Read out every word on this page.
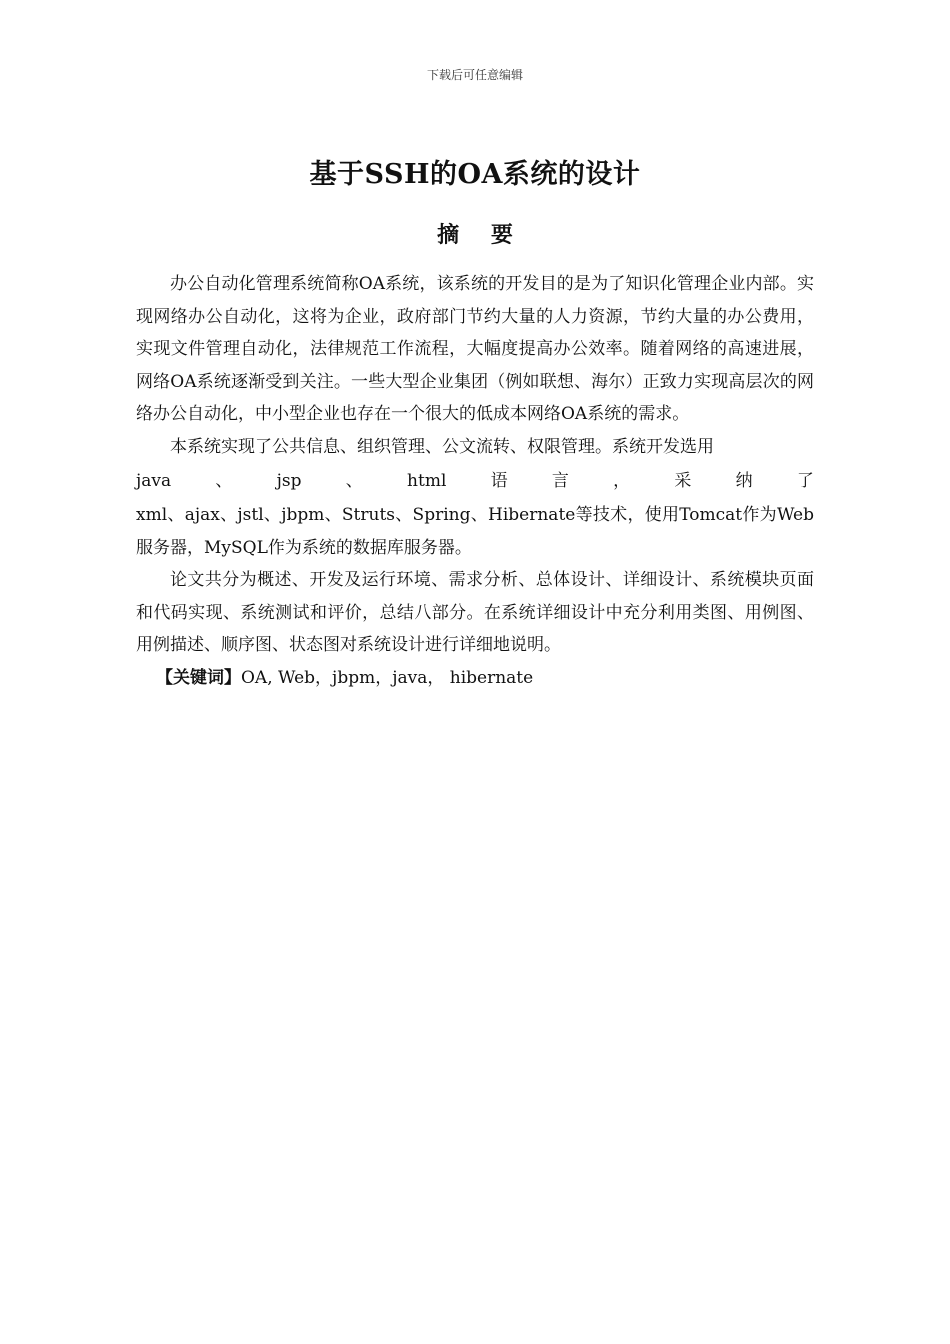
下载后可任意编辑
基于SSH的OA系统的设计
摘 要

办公自动化管理系统简称OA系统，该系统的开发目的是为了知识化管理企业内部。实现网络办公自动化，这将为企业，政府部门节约大量的人力资源，节约大量的办公费用，实现文件管理自动化，法律规范工作流程，大幅度提高办公效率。随着网络的高速进展，网络OA系统逐渐受到关注。一些大型企业集团（例如联想、海尔）正致力实现高层次的网络办公自动化，中小型企业也存在一个很大的低成本网络OA系统的需求。

本系统实现了公共信息、组织管理、公文流转、权限管理。系统开发选用

java	、	jsp	、	html	语	言	，	采	纳	了

xml、ajax、jstl、jbpm、Struts、Spring、Hibernate等技术，使用Tomcat作为Web服务器，MySQL作为系统的数据库服务器。

论文共分为概述、开发及运行环境、需求分析、总体设计、详细设计、系统模块页面和代码实现、系统测试和评价，总结八部分。在系统详细设计中充分利用类图、用例图、用例描述、顺序图、状态图对系统设计进行详细地说明。

【关键词】OA, Web，jbpm，java， hibernate
